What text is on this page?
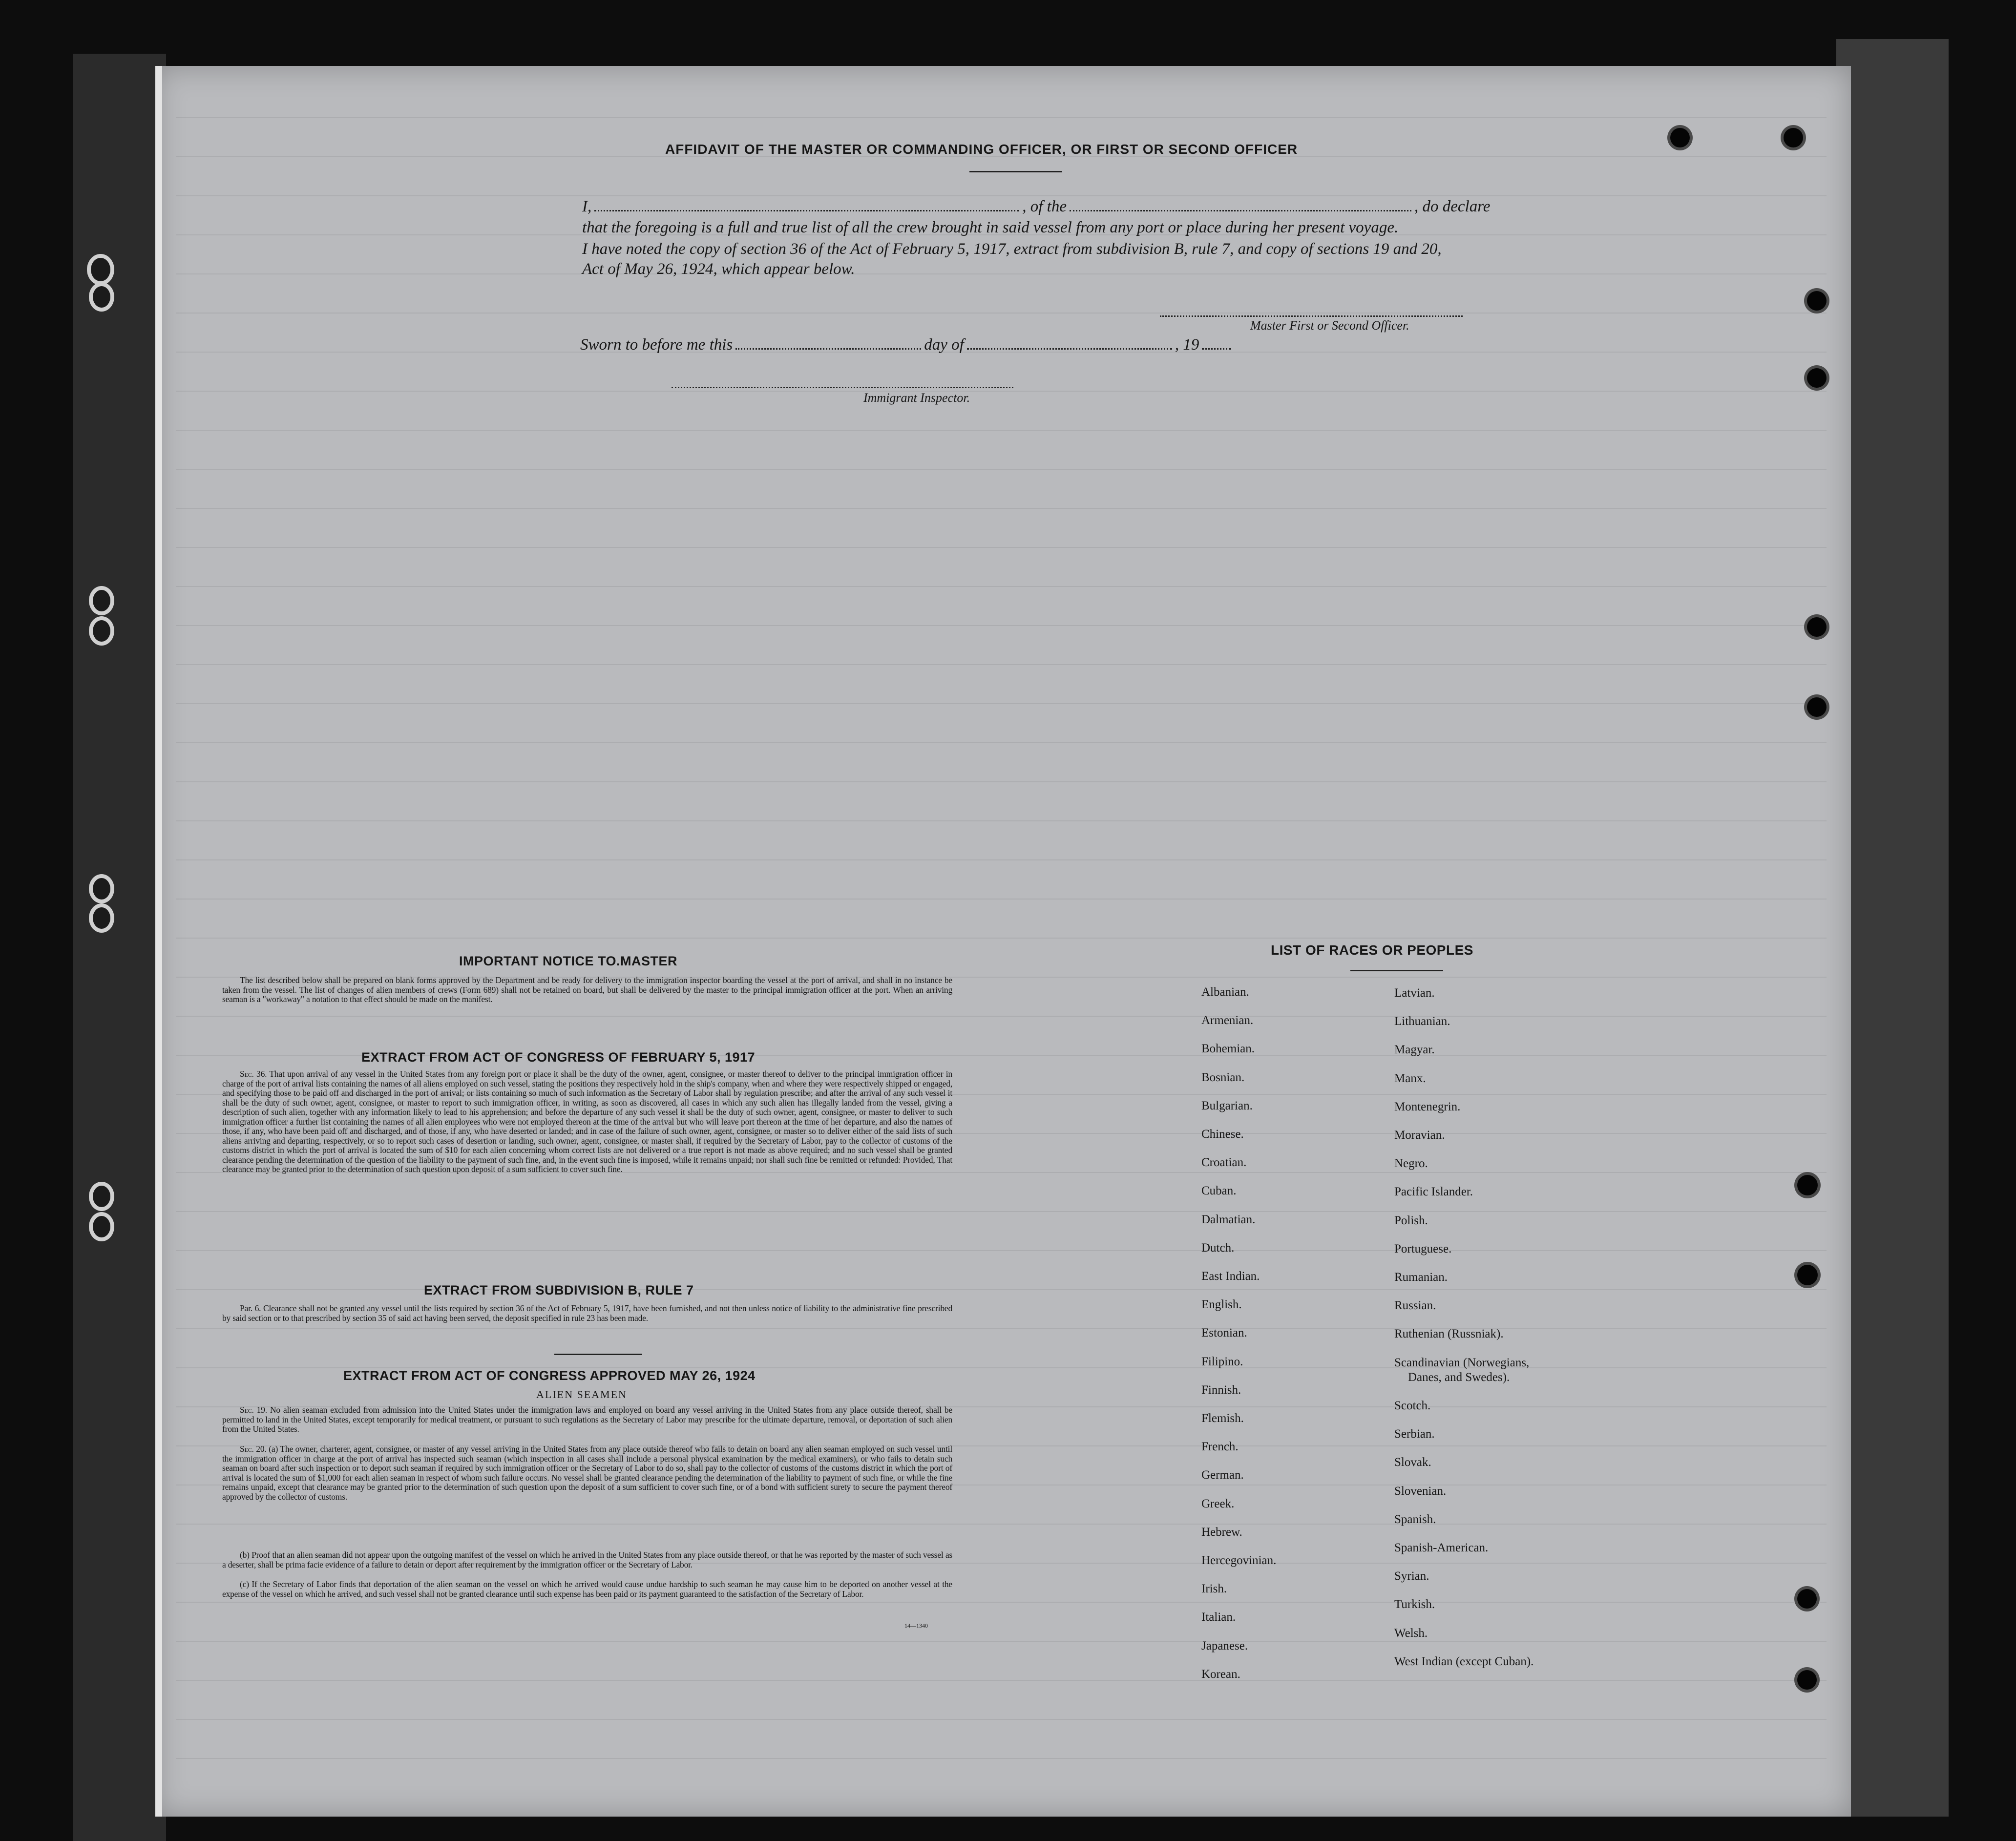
AFFIDAVIT OF THE MASTER OR COMMANDING OFFICER, OR FIRST OR SECOND OFFICER
I,	, of the	, do declare
that the foregoing is a full and true list of all the crew brought in said vessel from any port or place during her present voyage.
I have noted the copy of section 36 of the Act of February 5, 1917, extract from subdivision B, rule 7, and copy of sections 19 and 20,
Act of May 26, 1924, which appear below.
Master First or Second Officer.
Sworn to before me this	day of	, 19
Immigrant Inspector.
IMPORTANT NOTICE TO.MASTER
The list described below shall be prepared on blank forms approved by the Department and be ready for delivery to the immigration inspector boarding the vessel at the port of arrival, and shall in no instance be taken from the vessel. The list of changes of alien members of crews (Form 689) shall not be retained on board, but shall be delivered by the master to the principal immigration officer at the port. When an arriving seaman is a "workaway" a notation to that effect should be made on the manifest.
EXTRACT FROM ACT OF CONGRESS OF FEBRUARY 5, 1917
Sec. 36. That upon arrival of any vessel in the United States from any foreign port or place it shall be the duty of the owner, agent, consignee, or master thereof to deliver to the principal immigration officer in charge of the port of arrival lists containing the names of all aliens employed on such vessel, stating the positions they respectively hold in the ship's company, when and where they were respectively shipped or engaged, and specifying those to be paid off and discharged in the port of arrival; or lists containing so much of such information as the Secretary of Labor shall by regulation prescribe; and after the arrival of any such vessel it shall be the duty of such owner, agent, consignee, or master to report to such immigration officer, in writing, as soon as discovered, all cases in which any such alien has illegally landed from the vessel, giving a description of such alien, together with any information likely to lead to his apprehension; and before the departure of any such vessel it shall be the duty of such owner, agent, consignee, or master to deliver to such immigration officer a further list containing the names of all alien employees who were not employed thereon at the time of the arrival but who will leave port thereon at the time of her departure, and also the names of those, if any, who have been paid off and discharged, and of those, if any, who have deserted or landed; and in case of the failure of such owner, agent, consignee, or master so to deliver either of the said lists of such aliens arriving and departing, respectively, or so to report such cases of desertion or landing, such owner, agent, consignee, or master shall, if required by the Secretary of Labor, pay to the collector of customs of the customs district in which the port of arrival is located the sum of $10 for each alien concerning whom correct lists are not delivered or a true report is not made as above required; and no such vessel shall be granted clearance pending the determination of the question of the liability to the payment of such fine, and, in the event such fine is imposed, while it remains unpaid; nor shall such fine be remitted or refunded: Provided, That clearance may be granted prior to the determination of such question upon deposit of a sum sufficient to cover such fine.
EXTRACT FROM SUBDIVISION B, RULE 7
Par. 6. Clearance shall not be granted any vessel until the lists required by section 36 of the Act of February 5, 1917, have been furnished, and not then unless notice of liability to the administrative fine prescribed by said section or to that prescribed by section 35 of said act having been served, the deposit specified in rule 23 has been made.
EXTRACT FROM ACT OF CONGRESS APPROVED MAY 26, 1924
ALIEN SEAMEN
Sec. 19. No alien seaman excluded from admission into the United States under the immigration laws and employed on board any vessel arriving in the United States from any place outside thereof, shall be permitted to land in the United States, except temporarily for medical treatment, or pursuant to such regulations as the Secretary of Labor may prescribe for the ultimate departure, removal, or deportation of such alien from the United States.
Sec. 20. (a) The owner, charterer, agent, consignee, or master of any vessel arriving in the United States from any place outside thereof who fails to detain on board any alien seaman employed on such vessel until the immigration officer in charge at the port of arrival has inspected such seaman (which inspection in all cases shall include a personal physical examination by the medical examiners), or who fails to detain such seaman on board after such inspection or to deport such seaman if required by such immigration officer or the Secretary of Labor to do so, shall pay to the collector of customs of the customs district in which the port of arrival is located the sum of $1,000 for each alien seaman in respect of whom such failure occurs. No vessel shall be granted clearance pending the determination of the liability to payment of such fine, or while the fine remains unpaid, except that clearance may be granted prior to the determination of such question upon the deposit of a sum sufficient to cover such fine, or of a bond with sufficient surety to secure the payment thereof approved by the collector of customs.
(b) Proof that an alien seaman did not appear upon the outgoing manifest of the vessel on which he arrived in the United States from any place outside thereof, or that he was reported by the master of such vessel as a deserter, shall be prima facie evidence of a failure to detain or deport after requirement by the immigration officer or the Secretary of Labor.
(c) If the Secretary of Labor finds that deportation of the alien seaman on the vessel on which he arrived would cause undue hardship to such seaman he may cause him to be deported on another vessel at the expense of the vessel on which he arrived, and such vessel shall not be granted clearance until such expense has been paid or its payment guaranteed to the satisfaction of the Secretary of Labor.
14—1340
LIST OF RACES OR PEOPLES
Albanian.
Armenian.
Bohemian.
Bosnian.
Bulgarian.
Chinese.
Croatian.
Cuban.
Dalmatian.
Dutch.
East Indian.
English.
Estonian.
Filipino.
Finnish.
Flemish.
French.
German.
Greek.
Hebrew.
Hercegovinian.
Irish.
Italian.
Japanese.
Korean.
Latvian.
Lithuanian.
Magyar.
Manx.
Montenegrin.
Moravian.
Negro.
Pacific Islander.
Polish.
Portuguese.
Rumanian.
Russian.
Ruthenian (Russniak).
Scandinavian (Norwegians,
Danes, and Swedes).
Scotch.
Serbian.
Slovak.
Slovenian.
Spanish.
Spanish-American.
Syrian.
Turkish.
Welsh.
West Indian (except Cuban).
